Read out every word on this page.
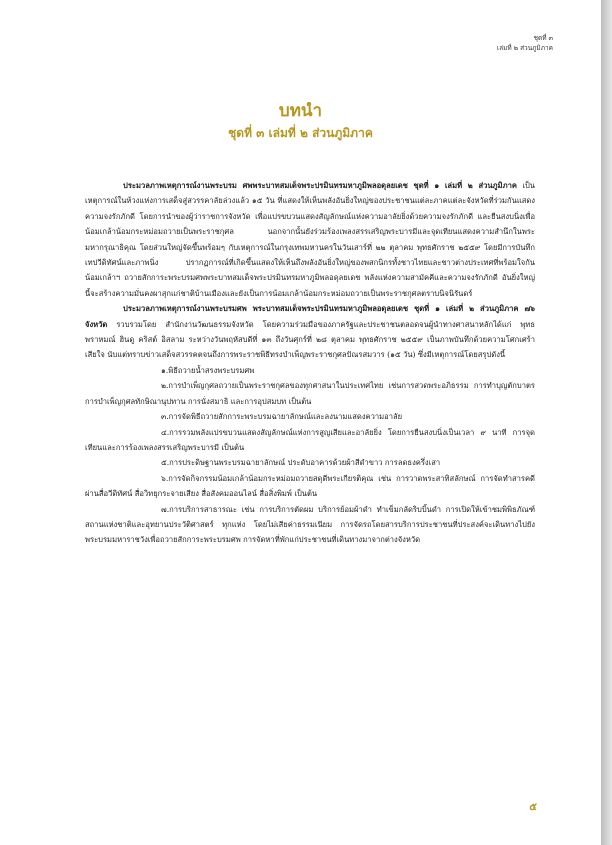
ชุดที่ ๓
เล่มที่ ๒ ส่วนภูมิภาค
บทนำ
ชุดที่ ๓ เล่มที่ ๒ ส่วนภูมิภาค

ประมวลภาพเหตุการณ์งานพระบรม ศพพระบาทสมเด็จพระปรมินทรมหาภูมิพลอดุลยเดช ชุดที่ ๑ เล่มที่ ๒ ส่วนภูมิภาค เป็นเหตุการณ์ในห้วงแห่งการเสด็จสู่สวรรคาลัยล่วงแล้ว ๑๕ วัน ที่แสดงให้เห็นพลังอันยิ่งใหญ่ของประชาชนแต่ละภาคแต่ละจังหวัดที่ร่วมกันแสดงความจงรักภักดี โดยการนำของผู้ว่าราชการจังหวัด เพื่อแปรขบวนแสดงสัญลักษณ์แห่งความอาลัยยิ่งด้วยความจงรักภักดี และยืนสงบนิ่งเพื่อน้อมเกล้าน้อมกระหม่อมถวายเป็นพระราชกุศล นอกจากนั้นยังร่วมร้องเพลงสรรเสริญพระบารมีและจุดเทียนแสดงความสำนึกในพระมหากรุณาธิคุณ โดยส่วนใหญ่จัดขึ้นพร้อมๆ กับเหตุการณ์ในกรุงเทพมหานครในวันเสาร์ที่ ๒๒ ตุลาคม พุทธศักราช ๒๕๕๙ โดยมีการบันทึกเทปวีดิทัศน์และภาพนิ่ง ปรากฏการณ์ที่เกิดขึ้นแสดงให้เห็นถึงพลังอันยิ่งใหญ่ของพสกนิกรทั้งชาวไทยและชาวต่างประเทศที่พร้อมใจกันน้อมเกล้าฯ ถวายสักการะพระบรมศพพระบาทสมเด็จพระปรมินทรมหาภูมิพลอดุลยเดช พลังแห่งความสามัคคีและความจงรักภักดี อันยิ่งใหญ่นี้จะสร้างความมั่นคงผาสุกแก่ชาติบ้านเมืองและยังเป็นการน้อมเกล้าน้อมกระหม่อมถวายเป็นพระราชกุศลตราบนิจนิรันดร์

ประมวลภาพเหตุการณ์งานพระบรมศพ พระบาทสมเด็จพระปรมินทรมหาภูมิพลอดุลยเดช ชุดที่ ๑ เล่มที่ ๒ ส่วนภูมิภาค ๗๖ จังหวัด รวบรวมโดย สำนักงานวัฒนธรรมจังหวัด โดยความร่วมมือของภาครัฐและประชาชนตลอดจนผู้นำทางศาสนาหลักได้แก่ พุทธ พราหมณ์ ฮินดู คริสต์ อิสลาม ระหว่างวันพฤหัสบดีที่ ๑๓ ถึงวันศุกร์ที่ ๒๘ ตุลาคม พุทธศักราช ๒๕๕๙ เป็นภาพบันทึกด้วยความโศกเศร้าเสียใจ นับแต่ทราบข่าวเสด็จสวรรคตจนถึงการพระราชพิธีทรงบำเพ็ญพระราชกุศลปัณรสมวาร (๑๕ วัน) ซึ่งมีเหตุการณ์โดยสรุปดังนี้

๑.พิธีถวายน้ำสรงพระบรมศพ

๒.การบำเพ็ญกุศลถวายเป็นพระราชกุศลของทุกศาสนาในประเทศไทย เช่นการสวดพระอภิธรรม การทำบุญตักบาตร การบำเพ็ญกุศลทักษิณานุปทาน การนั่งสมาธิ และการอุปสมบท เป็นต้น

๓.การจัดพิธีถวายสักการะพระบรมฉายาลักษณ์และลงนามแสดงความอาลัย

๔.การรวมพลังแปรขบวนแสดงสัญลักษณ์แห่งการสูญเสียและอาลัยยิ่ง โดยการยืนสงบนิ่งเป็นเวลา ๙ นาที การจุดเทียนและการร้องเพลงสรรเสริญพระบารมี เป็นต้น

๕.การประดิษฐานพระบรมฉายาลักษณ์ ประดับอาคารด้วยผ้าสีดำขาว การลดธงครึ่งเสา

๖.การจัดกิจกรรมน้อมเกล้าน้อมกระหม่อมถวายสดุดีพระเกียรติคุณ เช่น การวาดพระสาทิสลักษณ์ การจัดทำสารคดีผ่านสื่อวีดิทัศน์ สื่อวิทยุกระจายเสียง สื่อสังคมออนไลน์ สื่อสิ่งพิมพ์ เป็นต้น

๗.การบริการสาธารณะ เช่น การบริการตัดผม บริการย้อมผ้าดำ ทำเข็มกลัดริบบิ้นดำ การเปิดให้เข้าชมพิพิธภัณฑ์สถานแห่งชาติและอุทยานประวัติศาสตร์ ทุกแห่ง โดยไม่เสียค่าธรรมเนียม การจัดรถโดยสารบริการประชาชนที่ประสงค์จะเดินทางไปยังพระบรมมหาราชวังเพื่อถวายสักการะพระบรมศพ การจัดหาที่พักแก่ประชาชนที่เดินทางมาจากต่างจังหวัด

๕
